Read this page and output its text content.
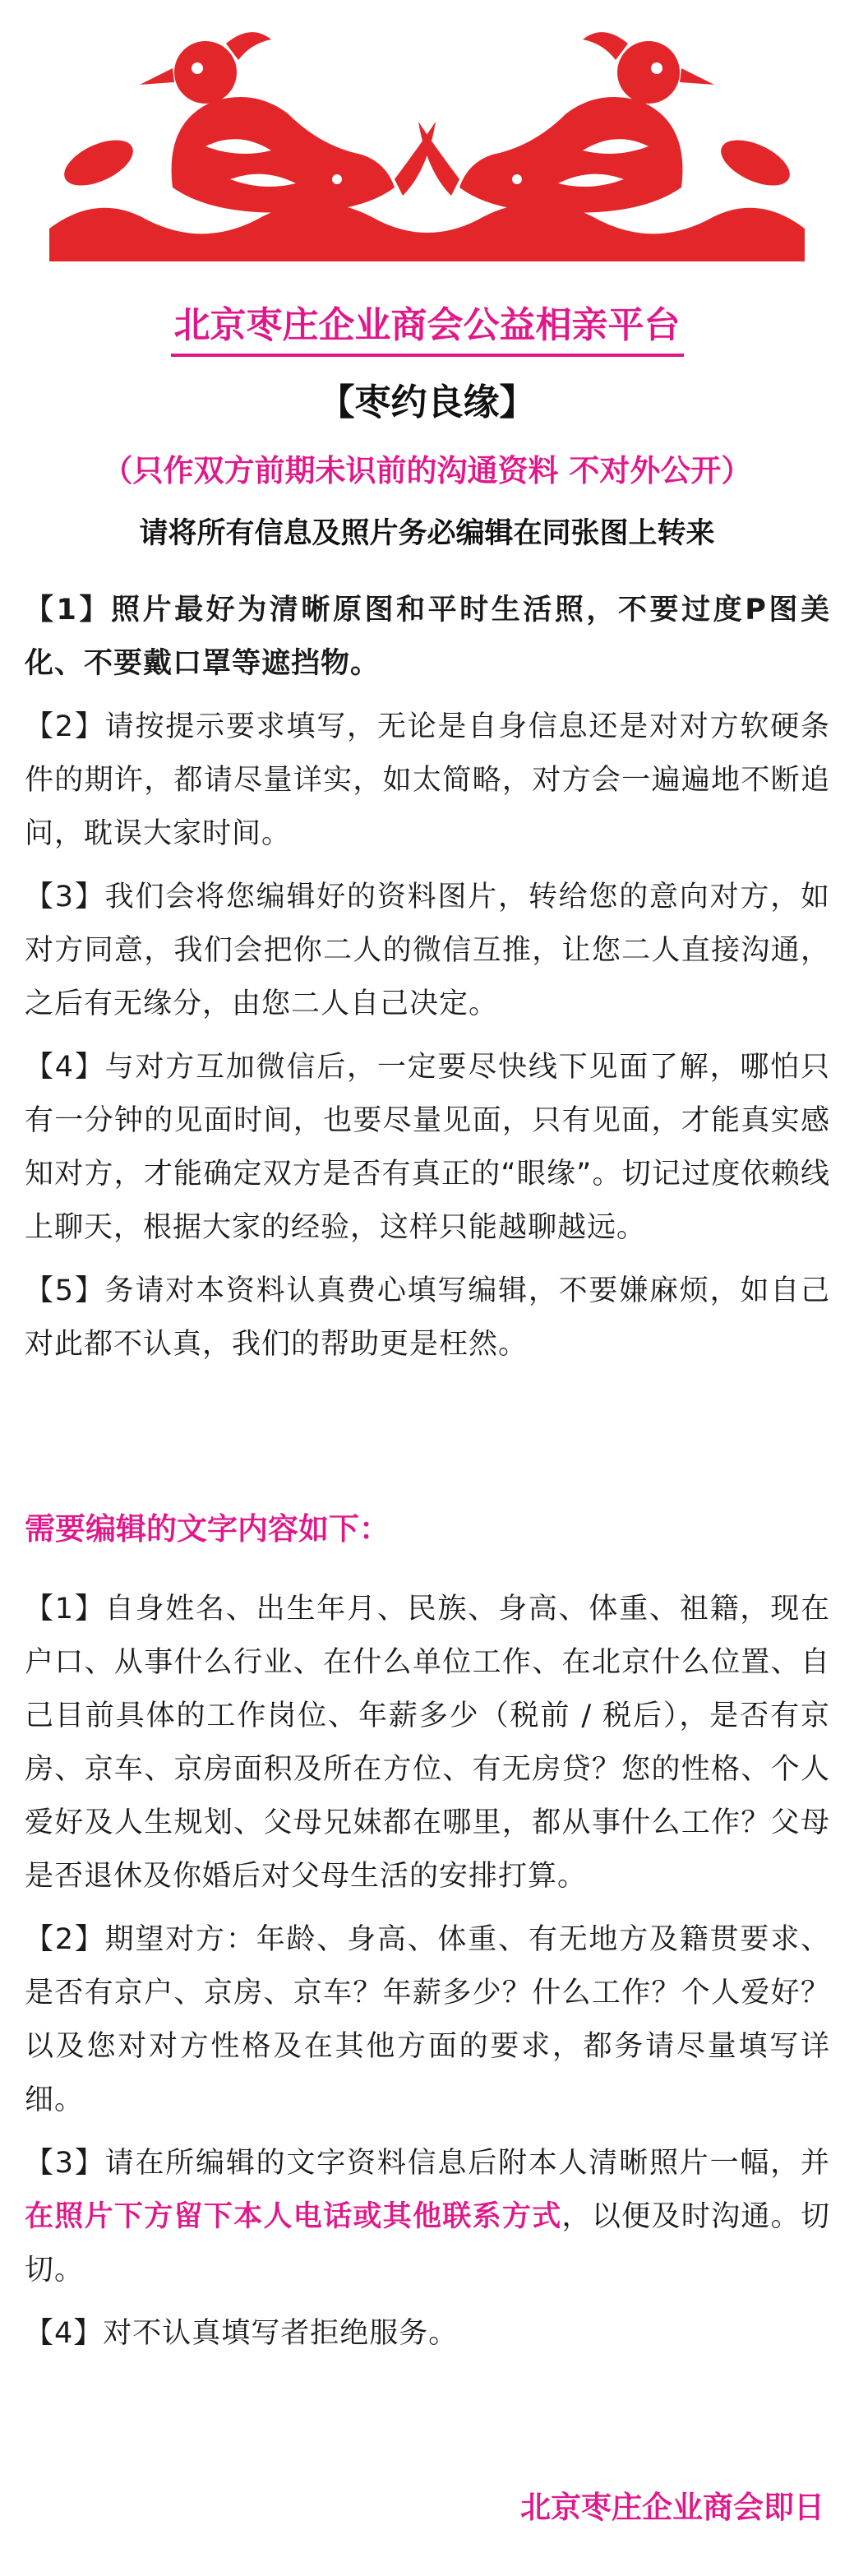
北京枣庄企业商会公益相亲平台
【枣约良缘】
（只作双方前期未识前的沟通资料 不对外公开）
请将所有信息及照片务必编辑在同张图上转来

【1】照片最好为清晰原图和平时生活照，不要过度P图美化、不要戴口罩等遮挡物。

【2】请按提示要求填写，无论是自身信息还是对对方软硬条件的期许，都请尽量详实，如太简略，对方会一遍遍地不断追问，耽误大家时间。

【3】我们会将您编辑好的资料图片，转给您的意向对方，如对方同意，我们会把你二人的微信互推，让您二人直接沟通，之后有无缘分，由您二人自己决定。

【4】与对方互加微信后，一定要尽快线下见面了解，哪怕只有一分钟的见面时间，也要尽量见面，只有见面，才能真实感知对方，才能确定双方是否有真正的“眼缘”。切记过度依赖线上聊天，根据大家的经验，这样只能越聊越远。

【5】务请对本资料认真费心填写编辑，不要嫌麻烦，如自己对此都不认真，我们的帮助更是枉然。

需要编辑的文字内容如下：

【1】自身姓名、出生年月、民族、身高、体重、祖籍，现在户口、从事什么行业、在什么单位工作、在北京什么位置、自己目前具体的工作岗位、年薪多少（税前 / 税后），是否有京房、京车、京房面积及所在方位、有无房贷？您的性格、个人爱好及人生规划、父母兄妹都在哪里，都从事什么工作？父母是否退休及你婚后对父母生活的安排打算。

【2】期望对方：年龄、身高、体重、有无地方及籍贯要求、是否有京户、京房、京车？年薪多少？什么工作？个人爱好？以及您对对方性格及在其他方面的要求，都务请尽量填写详细。

【3】请在所编辑的文字资料信息后附本人清晰照片一幅，并在照片下方留下本人电话或其他联系方式，以便及时沟通。切切。

【4】对不认真填写者拒绝服务。

北京枣庄企业商会即日
